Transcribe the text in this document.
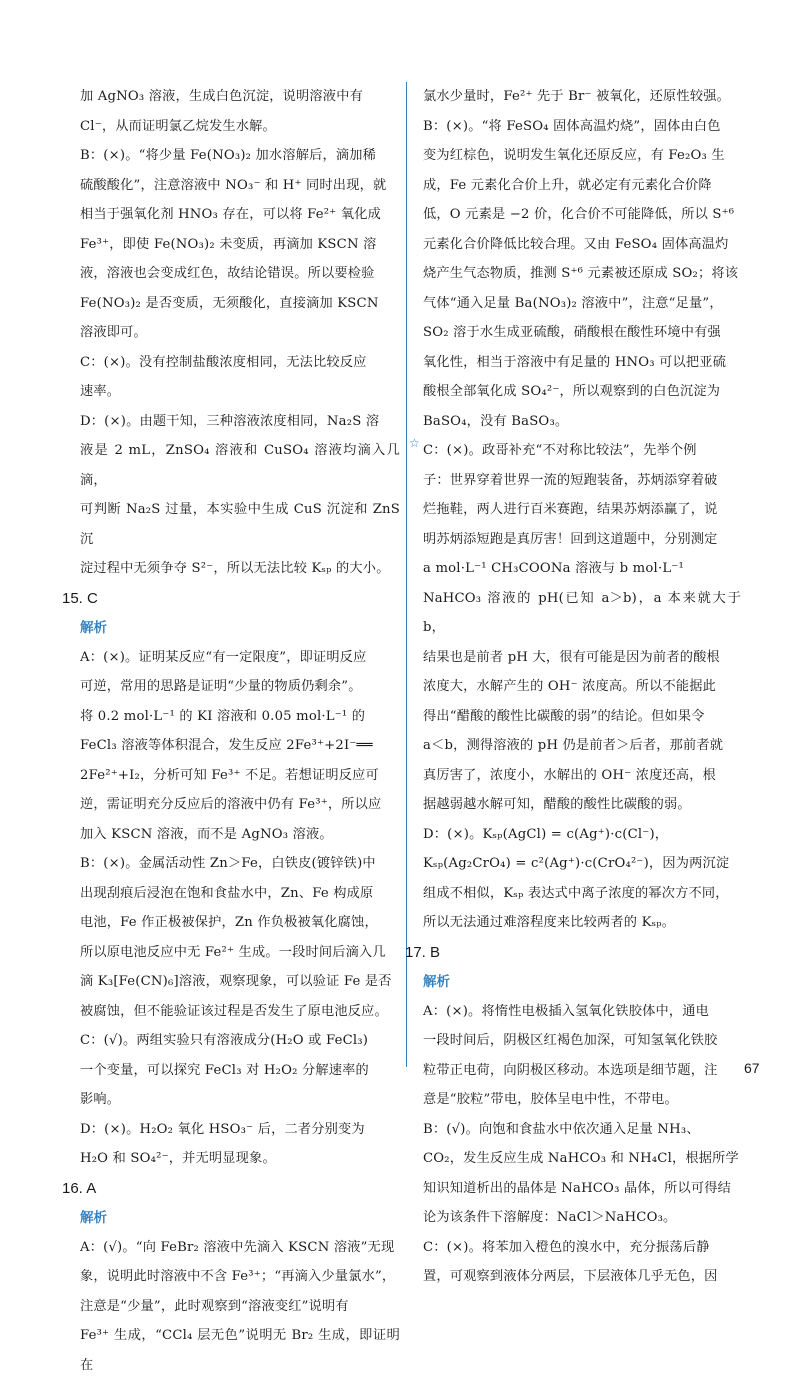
加 AgNO₃ 溶液，生成白色沉淀，说明溶液中有

Cl⁻，从而证明氯乙烷发生水解。

B：(×)。“将少量 Fe(NO₃)₂ 加水溶解后，滴加稀

硫酸酸化”，注意溶液中 NO₃⁻ 和 H⁺ 同时出现，就

相当于强氧化剂 HNO₃ 存在，可以将 Fe²⁺ 氧化成

Fe³⁺，即使 Fe(NO₃)₂ 未变质，再滴加 KSCN 溶

液，溶液也会变成红色，故结论错误。所以要检验

Fe(NO₃)₂ 是否变质，无须酸化，直接滴加 KSCN

溶液即可。

C：(×)。没有控制盐酸浓度相同，无法比较反应

速率。

D：(×)。由题干知，三种溶液浓度相同，Na₂S 溶

液是 2 mL，ZnSO₄ 溶液和 CuSO₄ 溶液均滴入几滴，

可判断 Na₂S 过量，本实验中生成 CuS 沉淀和 ZnS 沉

淀过程中无须争夺 S²⁻，所以无法比较 Kₛₚ 的大小。

15. C

解析

A：(×)。证明某反应“有一定限度”，即证明反应

可逆，常用的思路是证明“少量的物质仍剩余”。

将 0.2 mol·L⁻¹ 的 KI 溶液和 0.05 mol·L⁻¹ 的

FeCl₃ 溶液等体积混合，发生反应 2Fe³⁺+2I⁻══

2Fe²⁺+I₂，分析可知 Fe³⁺ 不足。若想证明反应可

逆，需证明充分反应后的溶液中仍有 Fe³⁺，所以应

加入 KSCN 溶液，而不是 AgNO₃ 溶液。

B：(×)。金属活动性 Zn＞Fe，白铁皮(镀锌铁)中

出现刮痕后浸泡在饱和食盐水中，Zn、Fe 构成原

电池，Fe 作正极被保护，Zn 作负极被氧化腐蚀，

所以原电池反应中无 Fe²⁺ 生成。一段时间后滴入几

滴 K₃[Fe(CN)₆]溶液，观察现象，可以验证 Fe 是否

被腐蚀，但不能验证该过程是否发生了原电池反应。

C：(√)。两组实验只有溶液成分(H₂O 或 FeCl₃)

一个变量，可以探究 FeCl₃ 对 H₂O₂ 分解速率的

影响。

D：(×)。H₂O₂ 氧化 HSO₃⁻ 后，二者分别变为

H₂O 和 SO₄²⁻，并无明显现象。

16. A

解析

A：(√)。“向 FeBr₂ 溶液中先滴入 KSCN 溶液”无现

象，说明此时溶液中不含 Fe³⁺；“再滴入少量氯水”，

注意是“少量”，此时观察到“溶液变红”说明有

Fe³⁺ 生成，“CCl₄ 层无色”说明无 Br₂ 生成，即证明在

氯水少量时，Fe²⁺ 先于 Br⁻ 被氧化，还原性较强。

B：(×)。“将 FeSO₄ 固体高温灼烧”，固体由白色

变为红棕色，说明发生氧化还原反应，有 Fe₂O₃ 生

成，Fe 元素化合价上升，就必定有元素化合价降

低，O 元素是 −2 价，化合价不可能降低，所以 S⁺⁶

元素化合价降低比较合理。又由 FeSO₄ 固体高温灼

烧产生气态物质，推测 S⁺⁶ 元素被还原成 SO₂；将该

气体“通入足量 Ba(NO₃)₂ 溶液中”，注意“足量”，

SO₂ 溶于水生成亚硫酸，硝酸根在酸性环境中有强

氧化性，相当于溶液中有足量的 HNO₃ 可以把亚硫

酸根全部氧化成 SO₄²⁻，所以观察到的白色沉淀为

BaSO₄，没有 BaSO₃。

☆ C：(×)。政哥补充“不对称比较法”，先举个例

子：世界穿着世界一流的短跑装备，苏炳添穿着破

烂拖鞋，两人进行百米赛跑，结果苏炳添赢了，说

明苏炳添短跑是真厉害！回到这道题中，分别测定

a mol·L⁻¹ CH₃COONa 溶液与 b mol·L⁻¹

NaHCO₃ 溶液的 pH(已知 a＞b)，a 本来就大于 b，

结果也是前者 pH 大，很有可能是因为前者的酸根

浓度大，水解产生的 OH⁻ 浓度高。所以不能据此

得出“醋酸的酸性比碳酸的弱”的结论。但如果令

a＜b，测得溶液的 pH 仍是前者＞后者，那前者就

真厉害了，浓度小，水解出的 OH⁻ 浓度还高，根

据越弱越水解可知，醋酸的酸性比碳酸的弱。

D：(×)。Kₛₚ(AgCl) = c(Ag⁺)·c(Cl⁻)，

Kₛₚ(Ag₂CrO₄) = c²(Ag⁺)·c(CrO₄²⁻)，因为两沉淀

组成不相似，Kₛₚ 表达式中离子浓度的幂次方不同，

所以无法通过难溶程度来比较两者的 Kₛₚ。

17. B

解析

A：(×)。将惰性电极插入氢氧化铁胶体中，通电

一段时间后，阴极区红褐色加深，可知氢氧化铁胶

粒带正电荷，向阴极区移动。本选项是细节题，注

意是“胶粒”带电，胶体呈电中性，不带电。

B：(√)。向饱和食盐水中依次通入足量 NH₃、

CO₂，发生反应生成 NaHCO₃ 和 NH₄Cl，根据所学

知识知道析出的晶体是 NaHCO₃ 晶体，所以可得结

论为该条件下溶解度：NaCl＞NaHCO₃。

C：(×)。将苯加入橙色的溴水中，充分振荡后静

置，可观察到液体分两层，下层液体几乎无色，因

67
